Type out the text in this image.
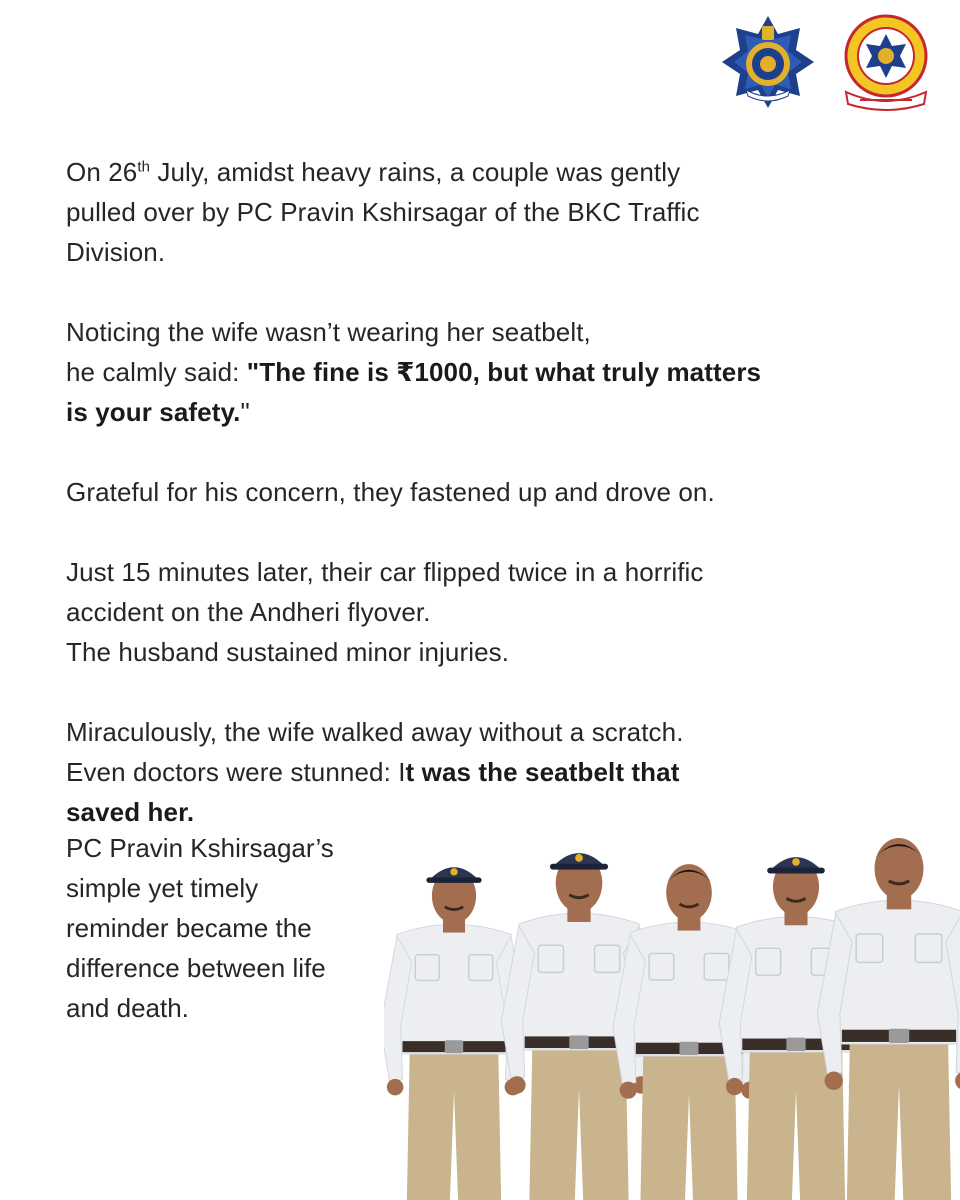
On 26th July, amidst heavy rains, a couple was gently
pulled over by PC Pravin Kshirsagar of the BKC Traffic
Division.

Noticing the wife wasn’t wearing her seatbelt,
he calmly said: "The fine is ₹1000, but what truly matters
is your safety."

Grateful for his concern, they fastened up and drove on.

Just 15 minutes later, their car flipped twice in a horrific
accident on the Andheri flyover.
The husband sustained minor injuries.

Miraculously, the wife walked away without a scratch.
Even doctors were stunned: It was the seatbelt that
saved her.

PC Pravin Kshirsagar’s
simple yet timely
reminder became the
difference between life
and death.
